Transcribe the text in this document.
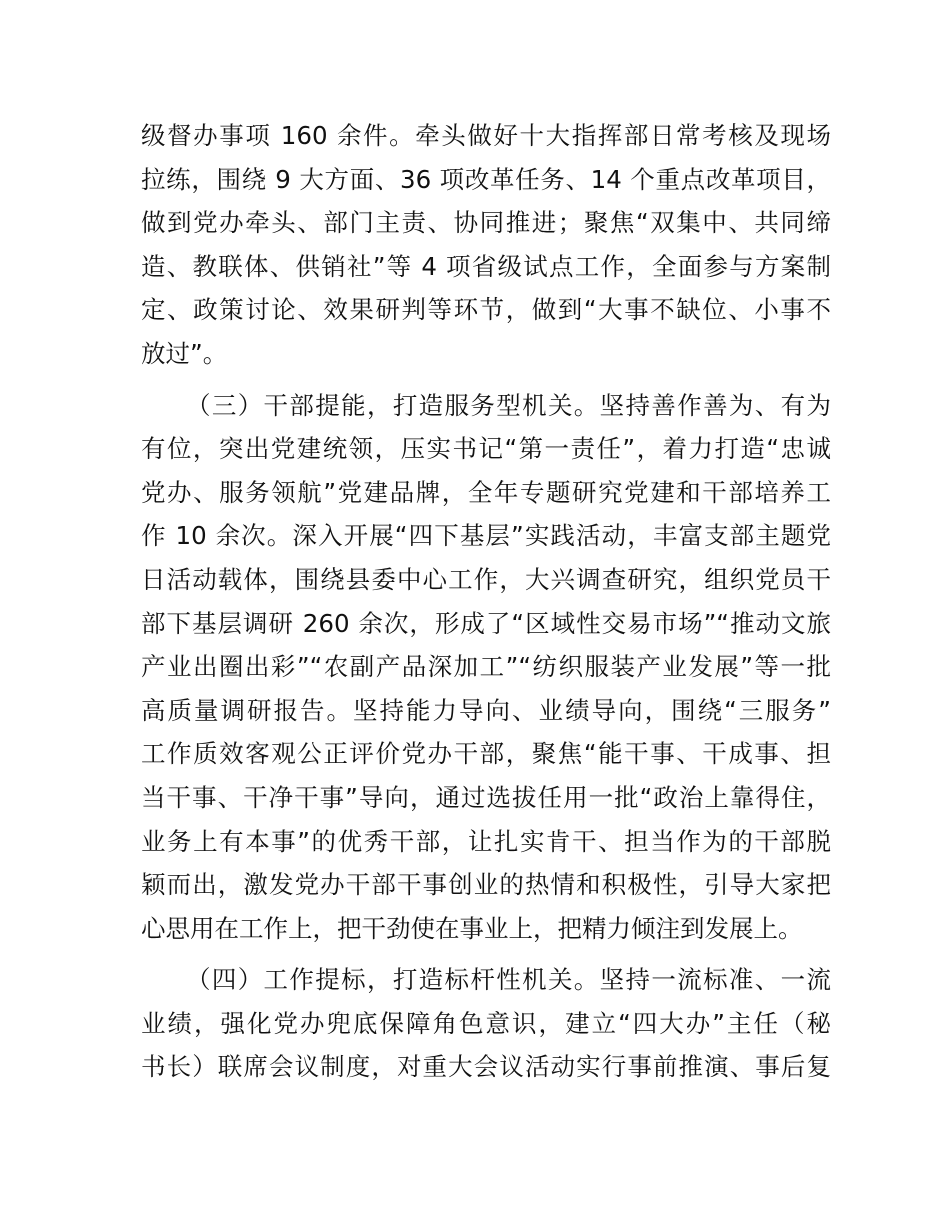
级督办事项 160 余件。牵头做好十大指挥部日常考核及现场
拉练，围绕 9 大方面、36 项改革任务、14 个重点改革项目，
做到党办牵头、部门主责、协同推进；聚焦“双集中、共同缔
造、教联体、供销社”等 4 项省级试点工作，全面参与方案制
定、政策讨论、效果研判等环节，做到“大事不缺位、小事不
放过”。
（三）干部提能，打造服务型机关。坚持善作善为、有为
有位，突出党建统领，压实书记“第一责任”，着力打造“忠诚
党办、服务领航”党建品牌，全年专题研究党建和干部培养工
作 10 余次。深入开展“四下基层”实践活动，丰富支部主题党
日活动载体，围绕县委中心工作，大兴调查研究，组织党员干
部下基层调研 260 余次，形成了“区域性交易市场”“推动文旅
产业出圈出彩”“农副产品深加工”“纺织服装产业发展”等一批
高质量调研报告。坚持能力导向、业绩导向，围绕“三服务”
工作质效客观公正评价党办干部，聚焦“能干事、干成事、担
当干事、干净干事”导向，通过选拔任用一批“政治上靠得住，
业务上有本事”的优秀干部，让扎实肯干、担当作为的干部脱
颖而出，激发党办干部干事创业的热情和积极性，引导大家把
心思用在工作上，把干劲使在事业上，把精力倾注到发展上。
（四）工作提标，打造标杆性机关。坚持一流标准、一流
业绩，强化党办兜底保障角色意识，建立“四大办”主任（秘
书长）联席会议制度，对重大会议活动实行事前推演、事后复
